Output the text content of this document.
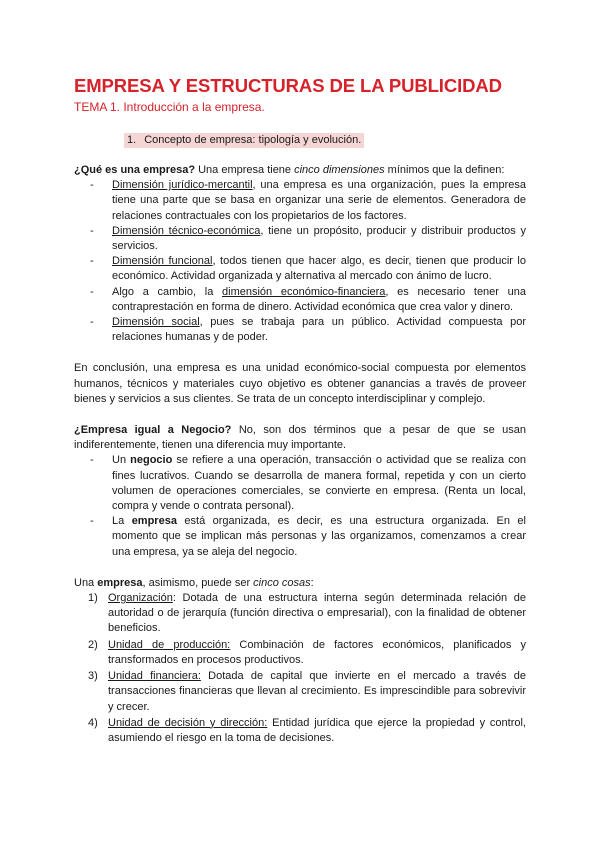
EMPRESA Y ESTRUCTURAS DE LA PUBLICIDAD
TEMA 1. Introducción a la empresa.
1. Concepto de empresa: tipología y evolución.

¿Qué es una empresa? Una empresa tiene cinco dimensiones mínimos que la definen:

- Dimensión jurídico-mercantil, una empresa es una organización, pues la empresa tiene una parte que se basa en organizar una serie de elementos. Generadora de relaciones contractuales con los propietarios de los factores.
- Dimensión técnico-económica, tiene un propósito, producir y distribuir productos y servicios.
- Dimensión funcional, todos tienen que hacer algo, es decir, tienen que producir lo económico. Actividad organizada y alternativa al mercado con ánimo de lucro.
- Algo a cambio, la dimensión económico-financiera, es necesario tener una contraprestación en forma de dinero. Actividad económica que crea valor y dinero.
- Dimensión social, pues se trabaja para un público. Actividad compuesta por relaciones humanas y de poder.

En conclusión, una empresa es una unidad económico-social compuesta por elementos humanos, técnicos y materiales cuyo objetivo es obtener ganancias a través de proveer bienes y servicios a sus clientes. Se trata de un concepto interdisciplinar y complejo.

¿Empresa igual a Negocio? No, son dos términos que a pesar de que se usan indiferentemente, tienen una diferencia muy importante.

- Un negocio se refiere a una operación, transacción o actividad que se realiza con fines lucrativos. Cuando se desarrolla de manera formal, repetida y con un cierto volumen de operaciones comerciales, se convierte en empresa. (Renta un local, compra y vende o contrata personal).
- La empresa está organizada, es decir, es una estructura organizada. En el momento que se implican más personas y las organizamos, comenzamos a crear una empresa, ya se aleja del negocio.

Una empresa, asimismo, puede ser cinco cosas:

1) Organización: Dotada de una estructura interna según determinada relación de autoridad o de jerarquía (función directiva o empresarial), con la finalidad de obtener beneficios.
2) Unidad de producción: Combinación de factores económicos, planificados y transformados en procesos productivos.
3) Unidad financiera: Dotada de capital que invierte en el mercado a través de transacciones financieras que llevan al crecimiento. Es imprescindible para sobrevivir y crecer.
4) Unidad de decisión y dirección: Entidad jurídica que ejerce la propiedad y control, asumiendo el riesgo en la toma de decisiones.
